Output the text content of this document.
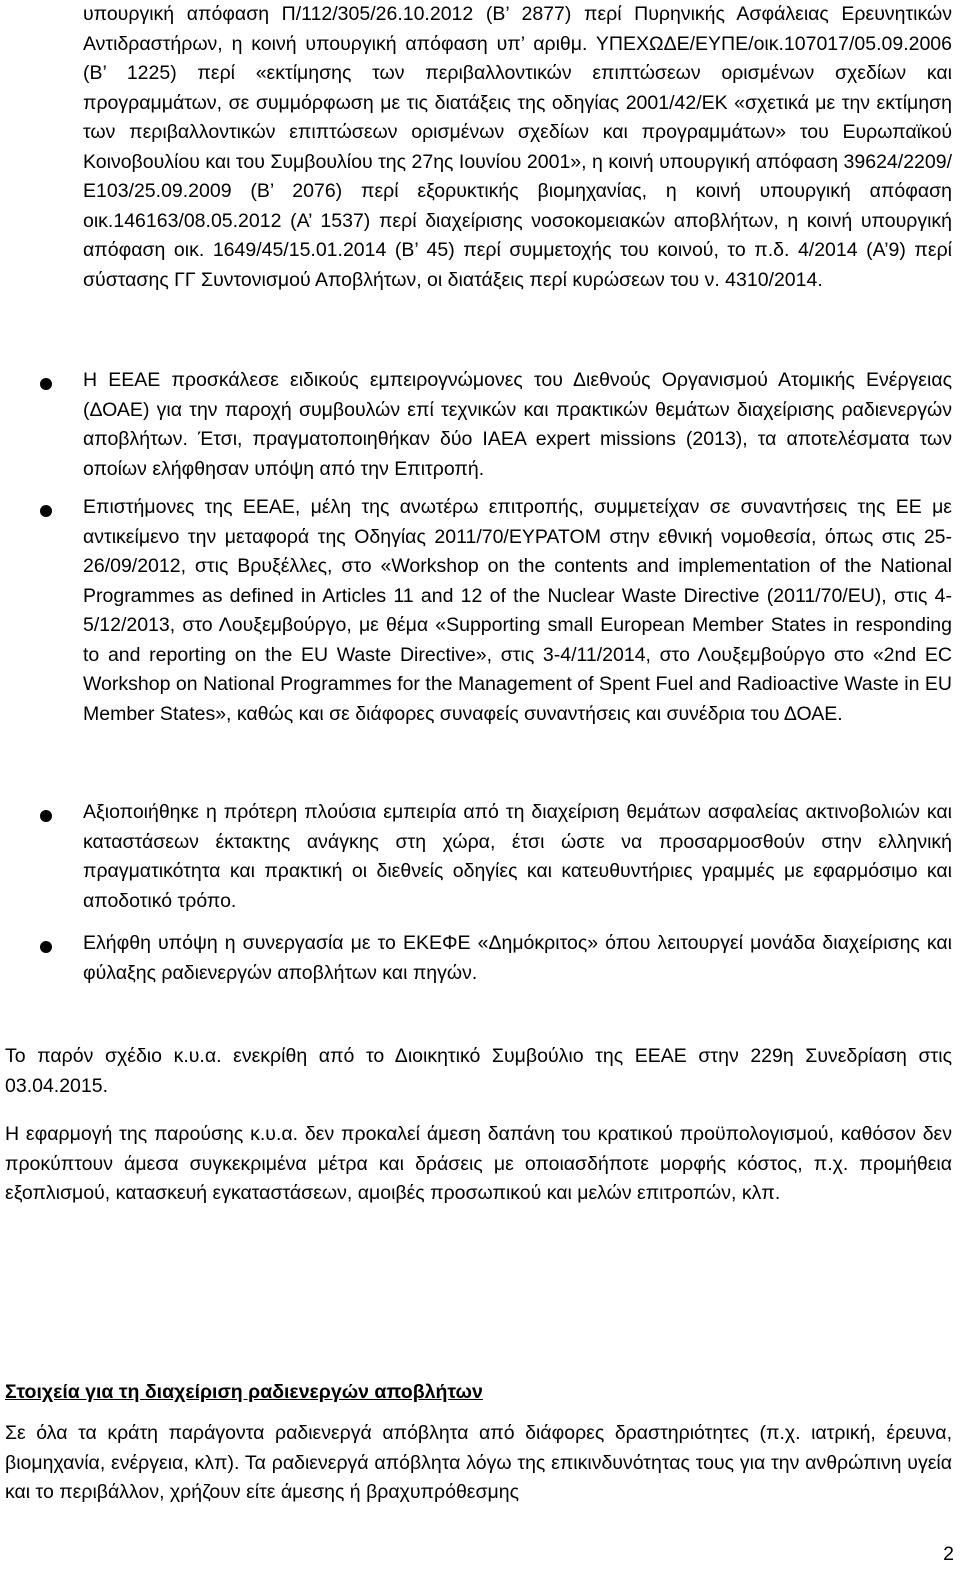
υπουργική απόφαση Π/112/305/26.10.2012 (Β’ 2877) περί Πυρηνικής Ασφάλειας Ερευνητικών Αντιδραστήρων, η κοινή υπουργική απόφαση υπ’ αριθμ. ΥΠΕΧΩΔΕ/ΕΥΠΕ/οικ.107017/05.09.2006 (Β’ 1225) περί «εκτίμησης των περιβαλλοντικών επιπτώσεων ορισμένων σχεδίων και προγραμμάτων, σε συμμόρφωση με τις διατάξεις της οδηγίας 2001/42/ΕΚ «σχετικά με την εκτίμηση των περιβαλλοντικών επιπτώσεων ορισμένων σχεδίων και προγραμμάτων» του Ευρωπαϊκού Κοινοβουλίου και του Συμβουλίου της 27ης Ιουνίου 2001», η κοινή υπουργική απόφαση 39624/2209/Ε103/25.09.2009 (Β’ 2076) περί εξορυκτικής βιομηχανίας, η κοινή υπουργική απόφαση οικ.146163/08.05.2012 (Α’ 1537) περί διαχείρισης νοσοκομειακών αποβλήτων, η κοινή υπουργική απόφαση οικ. 1649/45/15.01.2014 (Β’ 45) περί συμμετοχής του κοινού, το π.δ. 4/2014 (Α’9) περί σύστασης ΓΓ Συντονισμού Αποβλήτων, οι διατάξεις περί κυρώσεων του ν. 4310/2014.
Η ΕΕΑΕ προσκάλεσε ειδικούς εμπειρογνώμονες του Διεθνούς Οργανισμού Ατομικής Ενέργειας (ΔΟΑΕ) για την παροχή συμβουλών επί τεχνικών και πρακτικών θεμάτων διαχείρισης ραδιενεργών αποβλήτων. Έτσι, πραγματοποιηθήκαν δύο IAEA expert missions (2013), τα αποτελέσματα των οποίων ελήφθησαν υπόψη από την Επιτροπή.
Επιστήμονες της ΕΕΑΕ, μέλη της ανωτέρω επιτροπής, συμμετείχαν σε συναντήσεις της ΕΕ με αντικείμενο την μεταφορά της Οδηγίας 2011/70/ΕΥΡΑΤΟΜ στην εθνική νομοθεσία, όπως στις 25-26/09/2012, στις Βρυξέλλες, στο «Workshop on the contents and implementation of the National Programmes as defined in Articles 11 and 12 of the Nuclear Waste Directive (2011/70/EU), στις 4-5/12/2013, στο Λουξεμβούργο, με θέμα «Supporting small European Member States in responding to and reporting on the EU Waste Directive», στις 3-4/11/2014, στο Λουξεμβούργο στο «2nd EC Workshop on National Programmes for the Management of Spent Fuel and Radioactive Waste in EU Member States», καθώς και σε διάφορες συναφείς συναντήσεις και συνέδρια του ΔΟΑΕ.
Αξιοποιήθηκε η πρότερη πλούσια εμπειρία από τη διαχείριση θεμάτων ασφαλείας ακτινοβολιών και καταστάσεων έκτακτης ανάγκης στη χώρα, έτσι ώστε να προσαρμοσθούν στην ελληνική πραγματικότητα και πρακτική οι διεθνείς οδηγίες και κατευθυντήριες γραμμές με εφαρμόσιμο και αποδοτικό τρόπο.
Ελήφθη υπόψη η συνεργασία με το ΕΚΕΦΕ «Δημόκριτος» όπου λειτουργεί μονάδα διαχείρισης και φύλαξης ραδιενεργών αποβλήτων και πηγών.
Το παρόν σχέδιο κ.υ.α. ενεκρίθη από το Διοικητικό Συμβούλιο της ΕΕΑΕ στην 229η Συνεδρίαση στις 03.04.2015.
Η εφαρμογή της παρούσης κ.υ.α. δεν προκαλεί άμεση δαπάνη του κρατικού προϋπολογισμού, καθόσον δεν προκύπτουν άμεσα συγκεκριμένα μέτρα και δράσεις με οποιασδήποτε μορφής κόστος, π.χ. προμήθεια εξοπλισμού, κατασκευή εγκαταστάσεων, αμοιβές προσωπικού και μελών επιτροπών, κλπ.
Στοιχεία για τη διαχείριση ραδιενεργών αποβλήτων
Σε όλα τα κράτη παράγοντα ραδιενεργά απόβλητα από διάφορες δραστηριότητες (π.χ. ιατρική, έρευνα, βιομηχανία, ενέργεια, κλπ). Τα ραδιενεργά απόβλητα λόγω της επικινδυνότητας τους για την ανθρώπινη υγεία και το περιβάλλον, χρήζουν είτε άμεσης ή βραχυπρόθεσμης
2
